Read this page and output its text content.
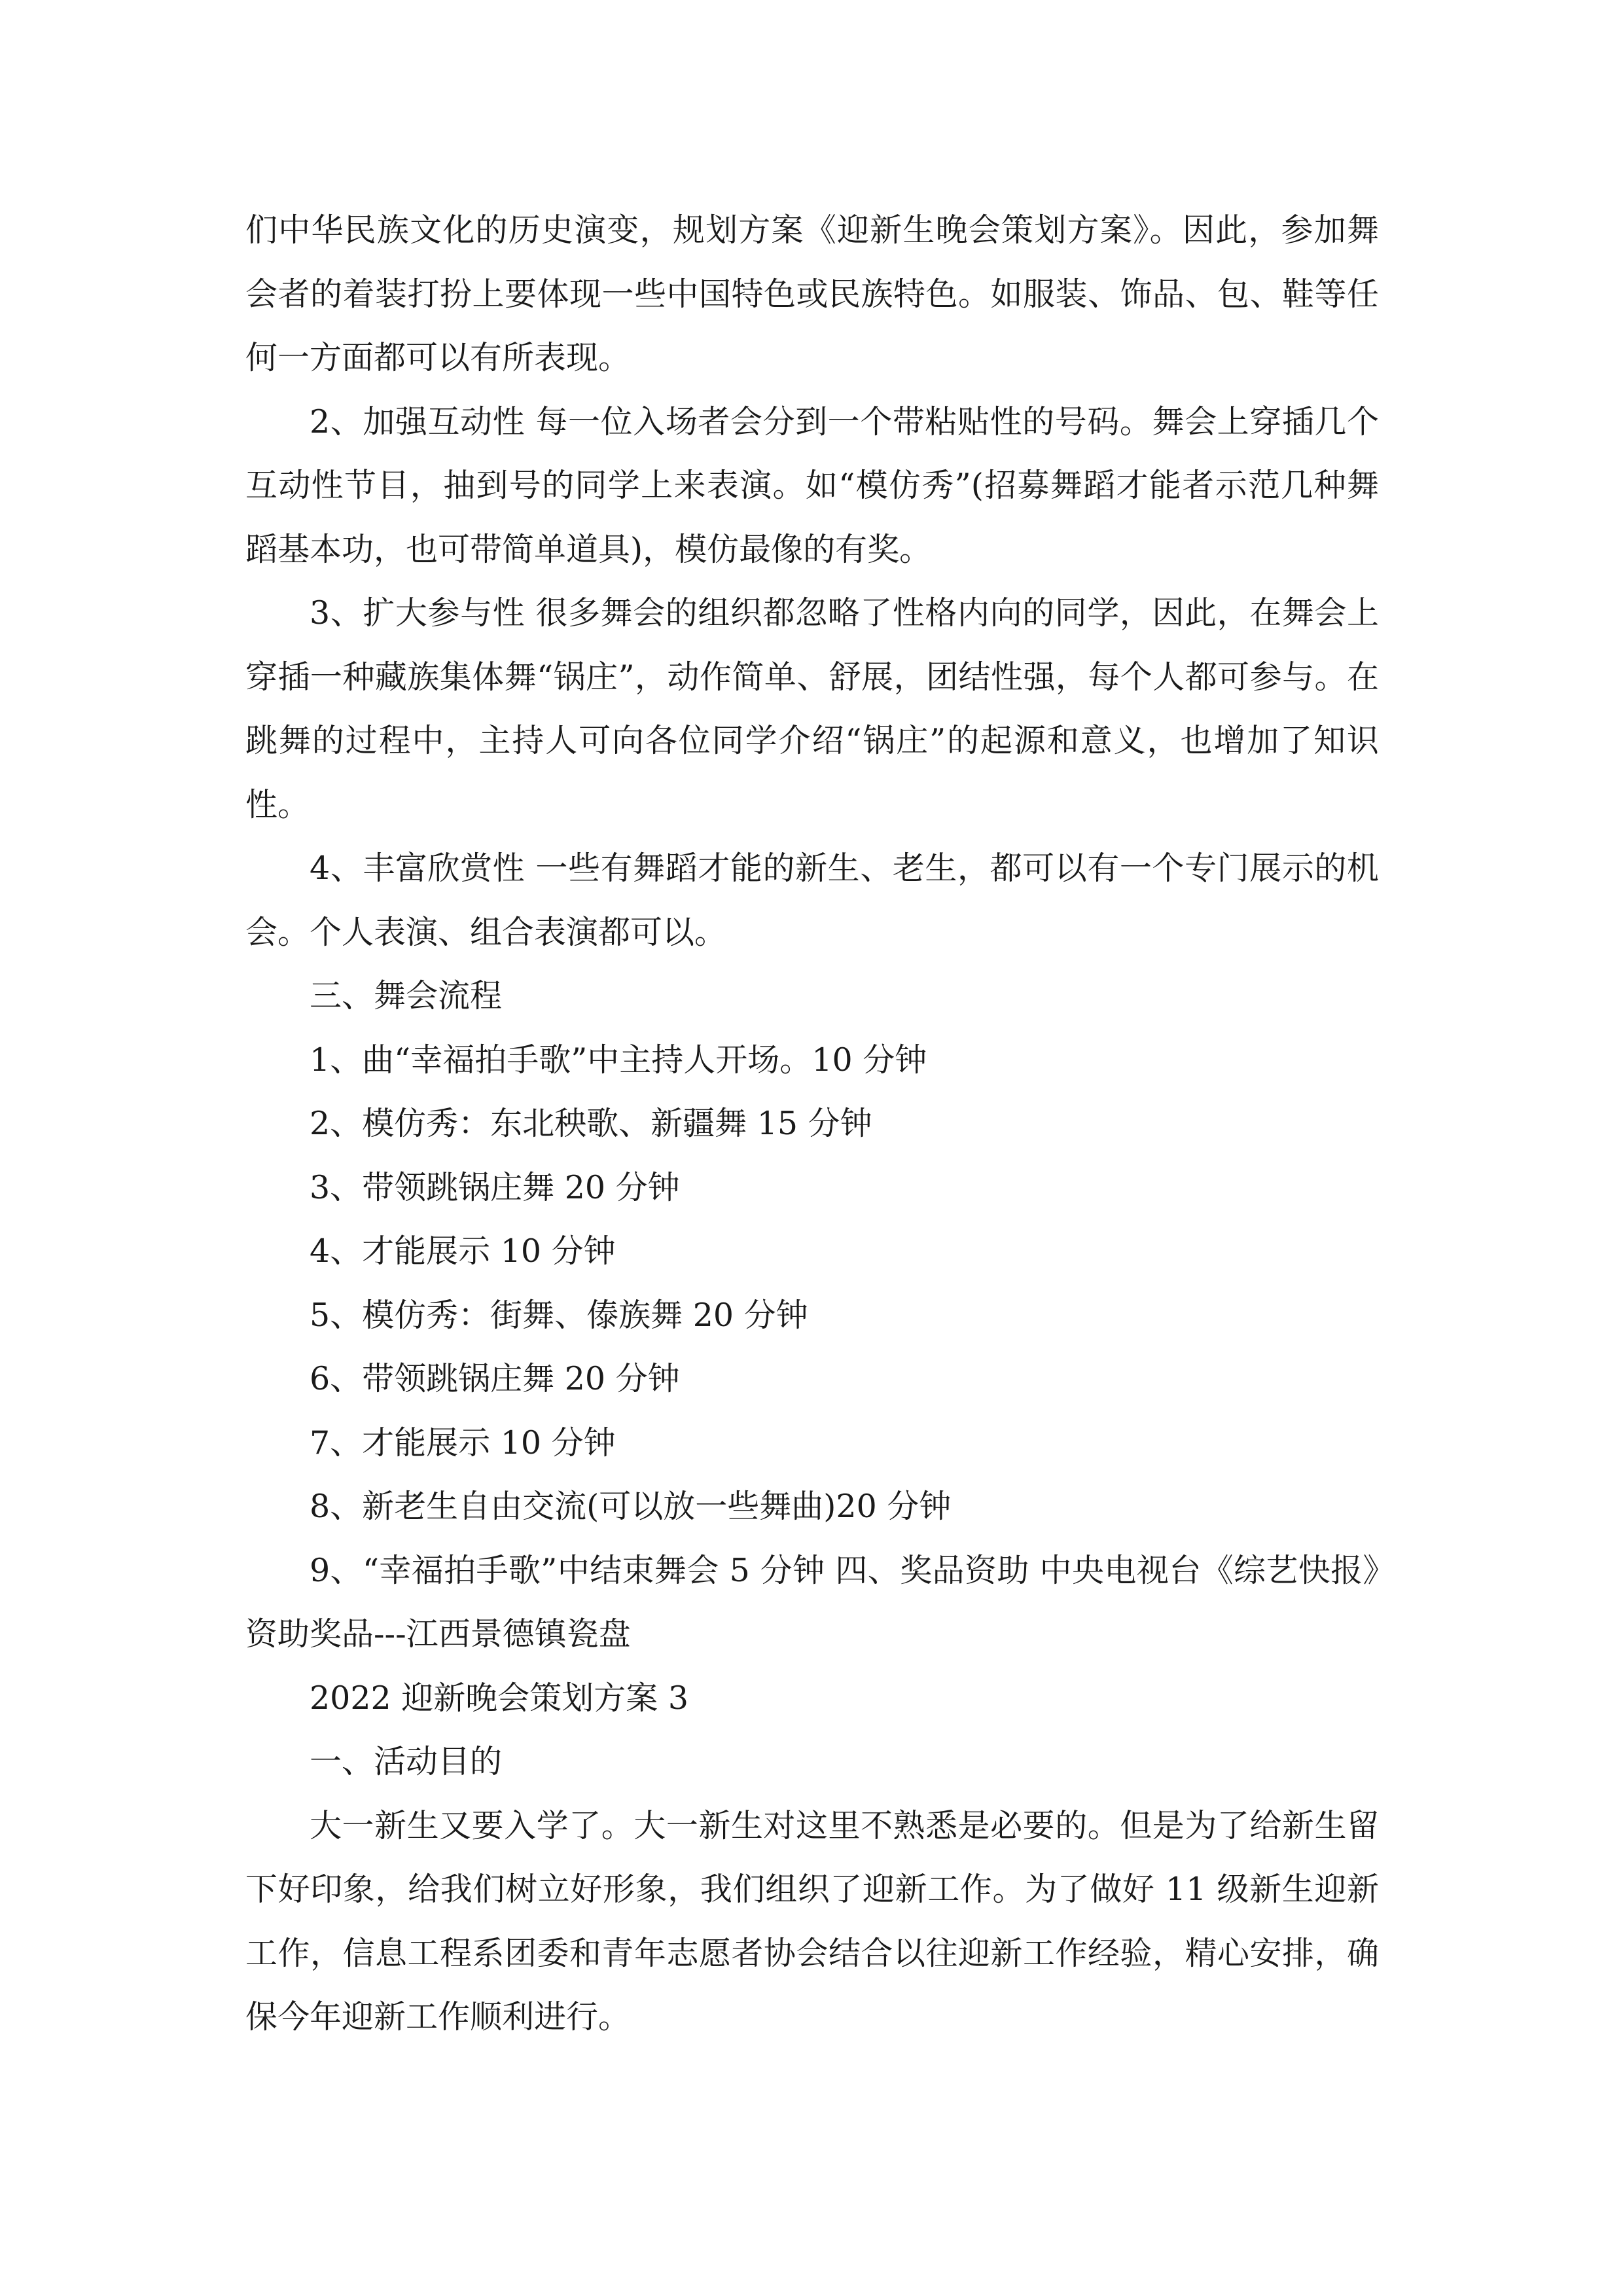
们中华民族文化的历史演变，规划方案《迎新生晚会策划方案》。因此，参加舞会者的着装打扮上要体现一些中国特色或民族特色。如服装、饰品、包、鞋等任何一方面都可以有所表现。

2、加强互动性 每一位入场者会分到一个带粘贴性的号码。舞会上穿插几个互动性节目，抽到号的同学上来表演。如“模仿秀”(招募舞蹈才能者示范几种舞蹈基本功，也可带简单道具)，模仿最像的有奖。

3、扩大参与性 很多舞会的组织都忽略了性格内向的同学，因此，在舞会上穿插一种藏族集体舞“锅庄”，动作简单、舒展，团结性强，每个人都可参与。在跳舞的过程中，主持人可向各位同学介绍“锅庄”的起源和意义，也增加了知识性。

4、丰富欣赏性 一些有舞蹈才能的新生、老生，都可以有一个专门展示的机会。个人表演、组合表演都可以。

三、舞会流程

1、曲“幸福拍手歌”中主持人开场。10 分钟

2、模仿秀：东北秧歌、新疆舞 15 分钟

3、带领跳锅庄舞 20 分钟

4、才能展示 10 分钟

5、模仿秀：街舞、傣族舞 20 分钟

6、带领跳锅庄舞 20 分钟

7、才能展示 10 分钟

8、新老生自由交流(可以放一些舞曲)20 分钟

9、“幸福拍手歌”中结束舞会 5 分钟 四、奖品资助 中央电视台《综艺快报》资助奖品---江西景德镇瓷盘

2022 迎新晚会策划方案 3

一、活动目的

大一新生又要入学了。大一新生对这里不熟悉是必要的。但是为了给新生留下好印象，给我们树立好形象，我们组织了迎新工作。为了做好 11 级新生迎新工作，信息工程系团委和青年志愿者协会结合以往迎新工作经验，精心安排，确保今年迎新工作顺利进行。
